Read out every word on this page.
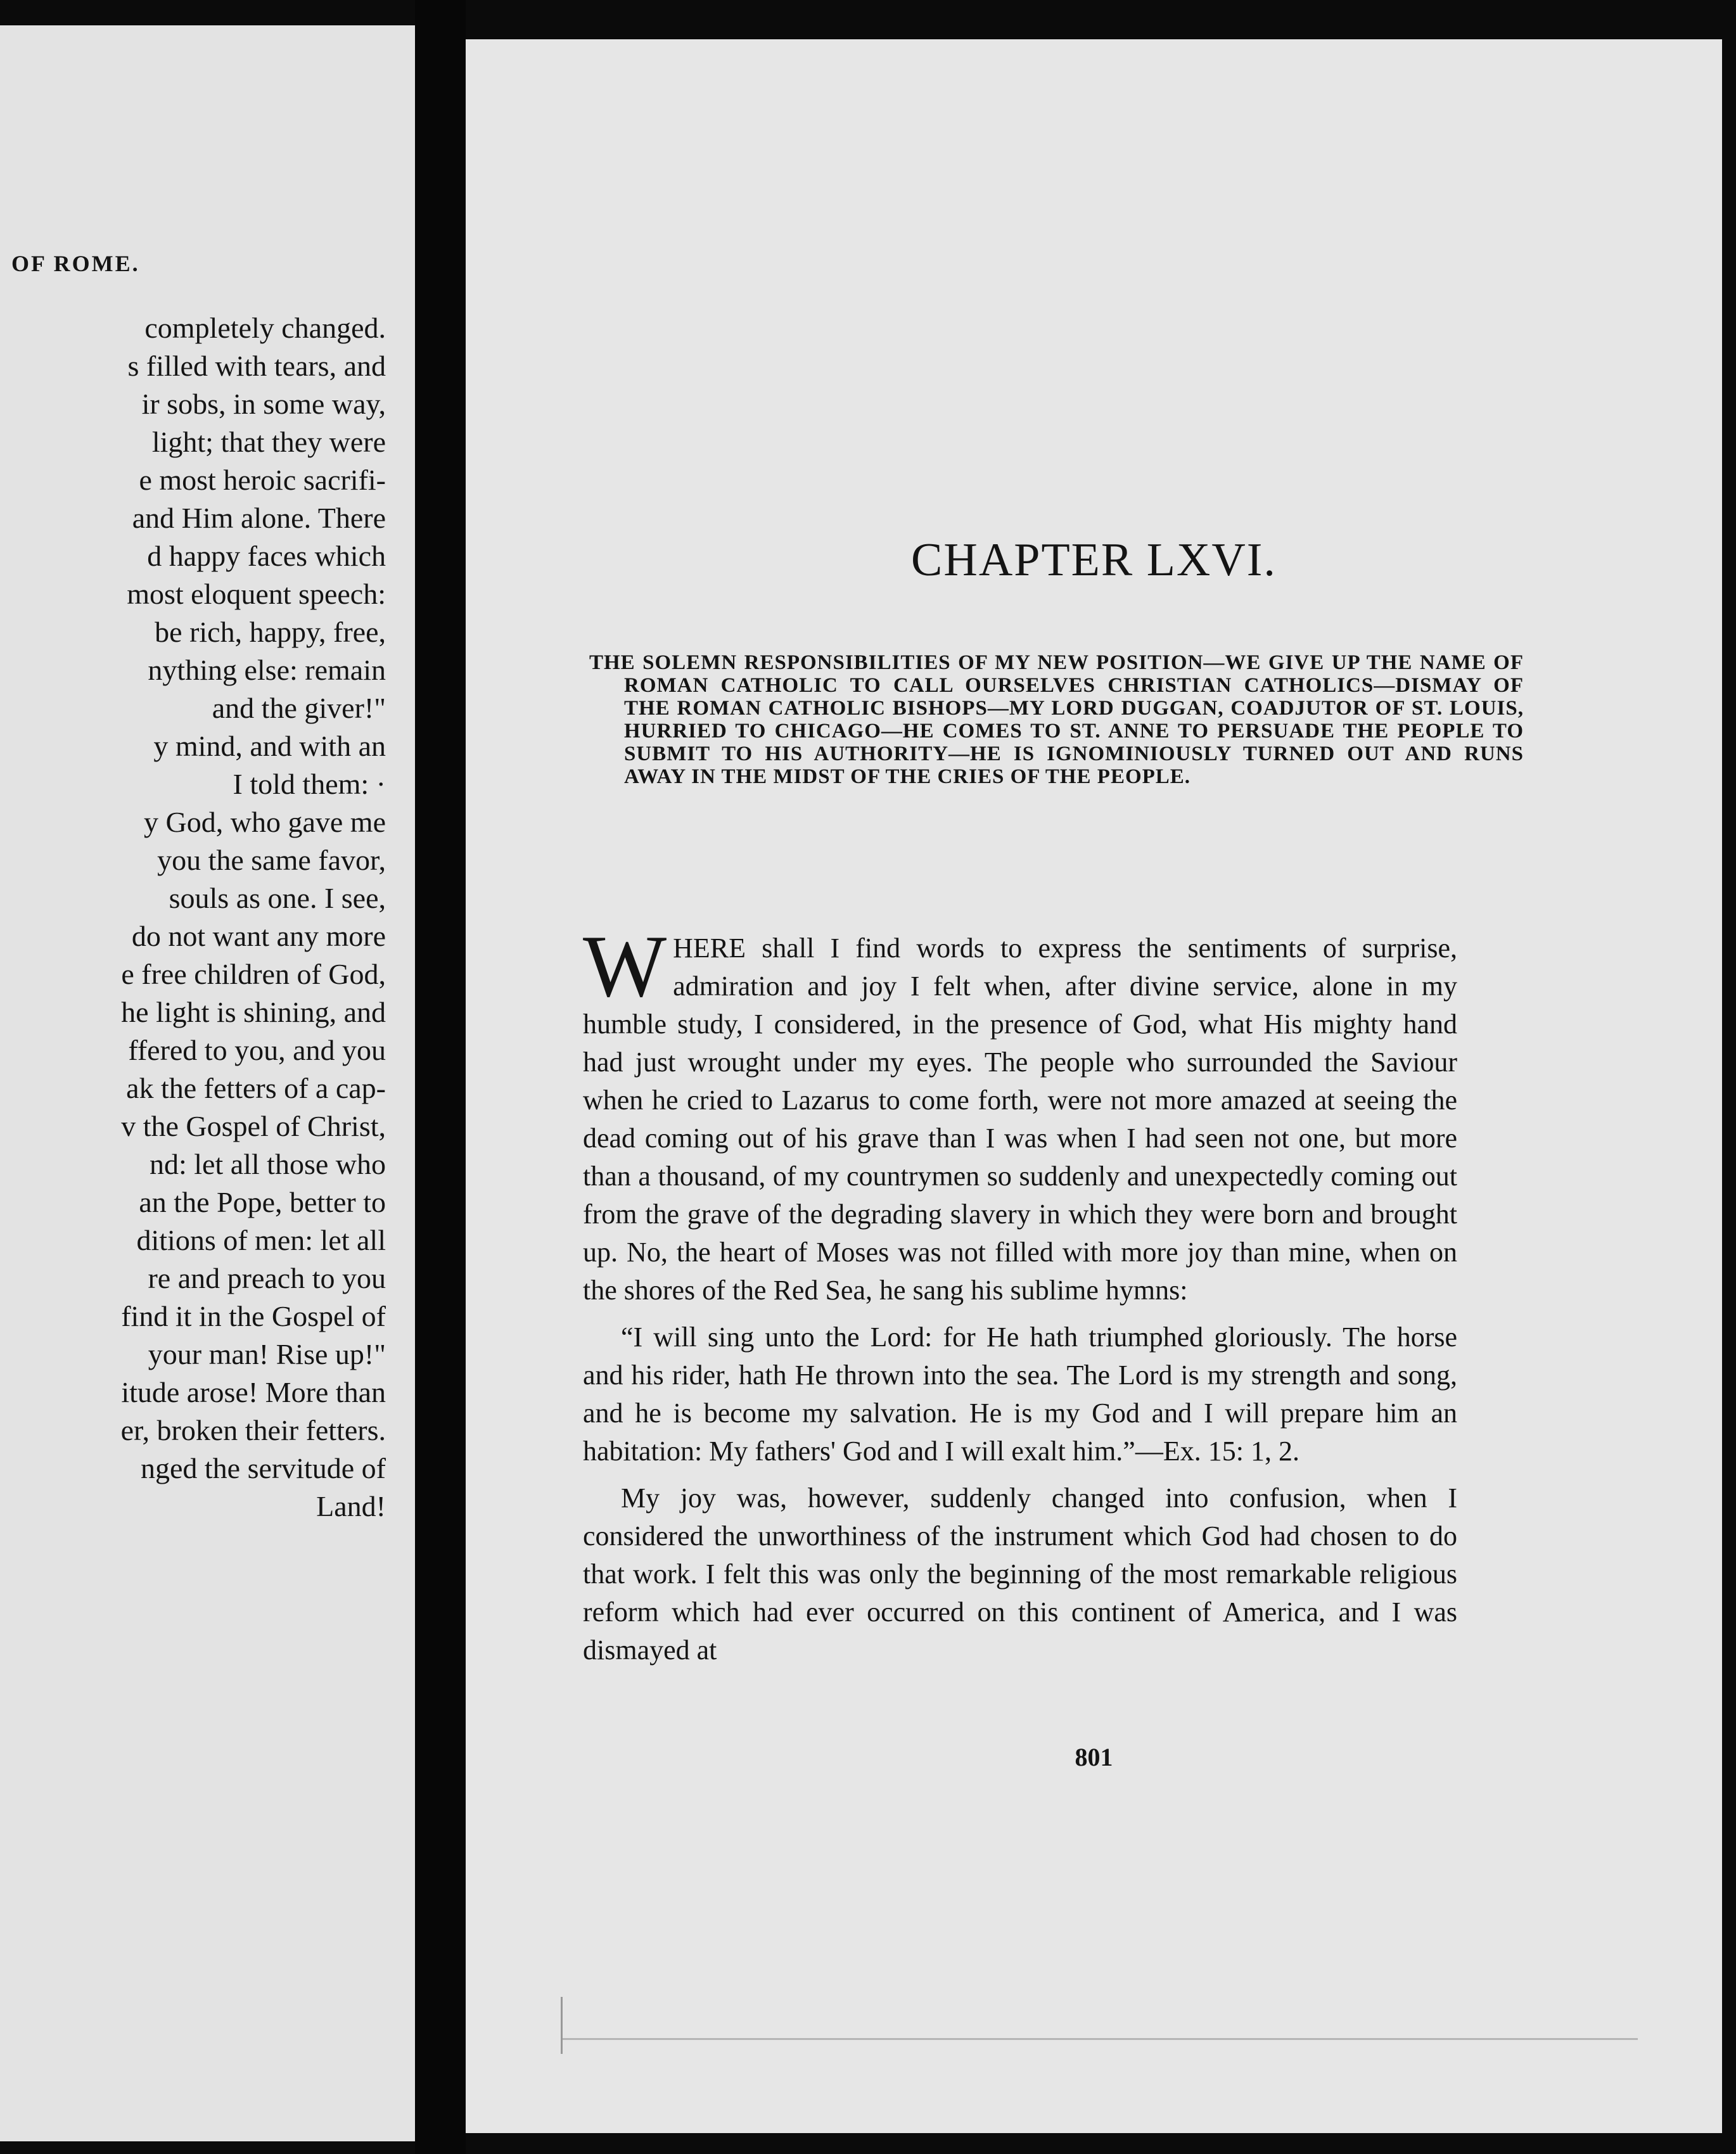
OF ROME.
completely changed.
s filled with tears, and
ir sobs, in some way,
light; that they were
e most heroic sacrifi-
and Him alone. There
d happy faces which
most eloquent speech:
be rich, happy, free,
nything else: remain
and the giver!"
y mind, and with an
I told them: ·
y God, who gave me
you the same favor,
souls as one. I see,
do not want any more
e free children of God,
he light is shining, and
ffered to you, and you
ak the fetters of a cap-
v the Gospel of Christ,
nd: let all those who
an the Pope, better to
ditions of men: let all
re and preach to you
find it in the Gospel of
your man! Rise up!"
itude arose! More than
er, broken their fetters.
nged the servitude of
Land!
CHAPTER LXVI.

THE SOLEMN RESPONSIBILITIES OF MY NEW POSITION—WE GIVE UP THE NAME OF ROMAN CATHOLIC TO CALL OURSELVES CHRISTIAN CATHOLICS—DISMAY OF THE ROMAN CATHOLIC BISHOPS—MY LORD DUGGAN, COADJUTOR OF ST. LOUIS, HURRIED TO CHICAGO—HE COMES TO ST. ANNE TO PERSUADE THE PEOPLE TO SUBMIT TO HIS AUTHORITY—HE IS IGNOMINIOUSLY TURNED OUT AND RUNS AWAY IN THE MIDST OF THE CRIES OF THE PEOPLE.

WHERE shall I find words to express the sentiments of surprise, admiration and joy I felt when, after divine service, alone in my humble study, I considered, in the presence of God, what His mighty hand had just wrought under my eyes. The people who surrounded the Saviour when he cried to Lazarus to come forth, were not more amazed at seeing the dead coming out of his grave than I was when I had seen not one, but more than a thousand, of my countrymen so suddenly and unexpectedly coming out from the grave of the degrading slavery in which they were born and brought up. No, the heart of Moses was not filled with more joy than mine, when on the shores of the Red Sea, he sang his sublime hymns:

“I will sing unto the Lord: for He hath triumphed gloriously. The horse and his rider, hath He thrown into the sea. The Lord is my strength and song, and he is become my salvation. He is my God and I will prepare him an habitation: My fathers' God and I will exalt him.”—Ex. 15: 1, 2.

My joy was, however, suddenly changed into confusion, when I considered the unworthiness of the instrument which God had chosen to do that work. I felt this was only the beginning of the most remarkable religious reform which had ever occurred on this continent of America, and I was dismayed at

801
